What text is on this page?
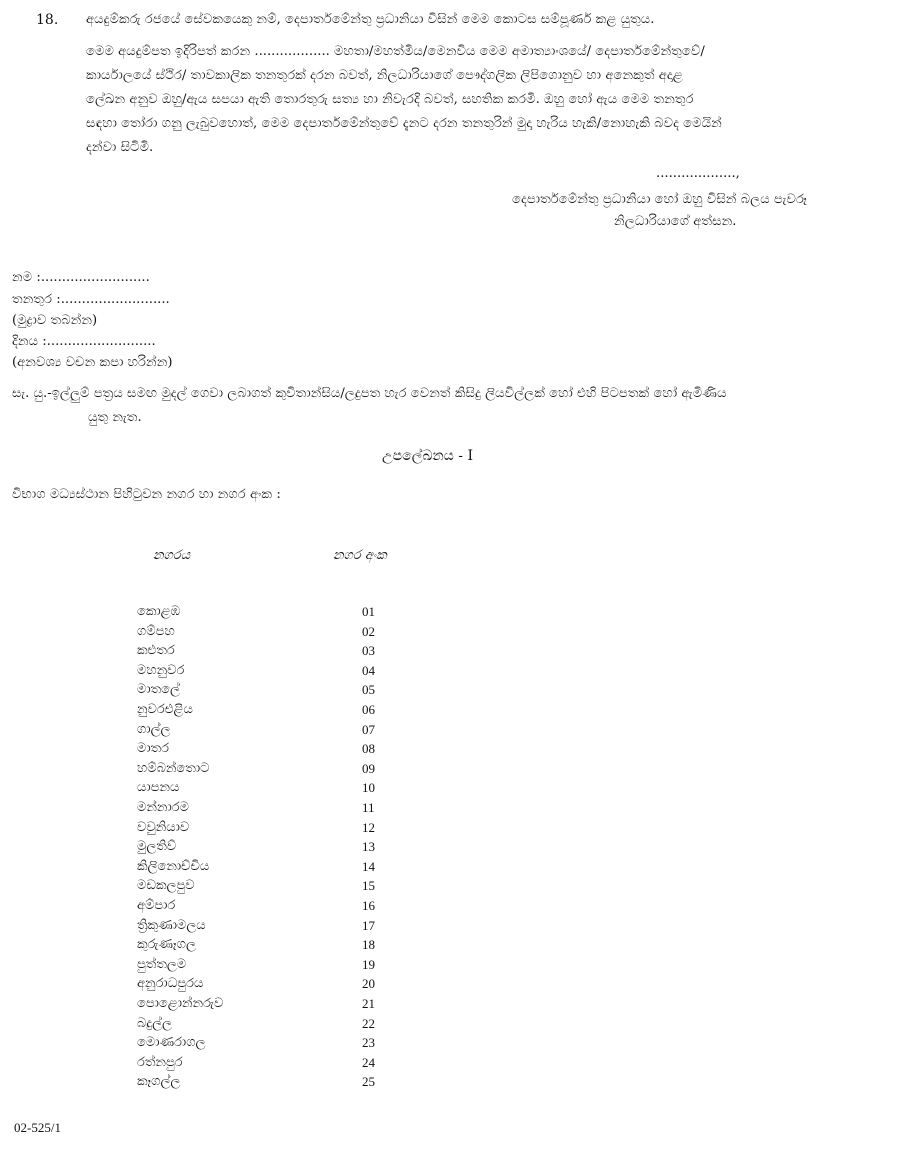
18. අයදුම්කරු රජයේ සේවකයෙකු නම්, දෙපාර්තමේන්තු ප්‍රධානියා විසින් මෙම කොටස සම්පූර්ණ කළ යුතුය.
මෙම අයදුම්පත ඉදිරිපත් කරන .................. මහතා/මහත්මිය/මෙනවිය මෙම අමාත්‍යාංශයේ/ දෙපාර්තමේන්තුවේ/
කාර්යාලයේ ස්ථිර/ තාවකාලික තනතුරක් දරන බවත්, නිලධාරියාගේ පෞද්ගලික ලිපිගොනුව හා අනෙකුත් අදාළ
ලේඛන අනුව ඔහු/ඇය සපයා ඇති තොරතුරු සත්‍ය හා නිවැරදි බවත්, සහතික කරමි. ඔහු හෝ ඇය මෙම තනතුර
සඳහා තෝරා ගනු ලැබුවහොත්, මෙම දෙපාර්තමේන්තුවේ දැනට දරන තනතුරින් මුදා හැරිය හැකි/නොහැකි බවද මෙයින්
දන්වා සිටිමි.
...................,
දෙපාර්තමේන්තු ප්‍රධානියා හෝ ඔහු විසින් බලය පැවරූ
නිලධාරියාගේ අත්සන.
නම :..........................
තනතුර :..........................
(මුද්‍රාව තබන්න)
දිනය :..........................
(අනවශ්‍ය වචන කපා හරින්න)
සැ. යු.-ඉල්ලුම් පත්‍රය සමඟ මුදල් ගෙවා ලබාගත් කුවිතාන්සිය/ලදුපත හැර වෙනත් කිසිදු ලියවිල්ලක් හෝ එහි පිටපතක් හෝ ඇමිණිය
යුතු නැත.
උපලේඛනය - I
විභාග මධ්‍යස්ථාන පිහිටුවන නගර හා නගර අංක :
නගරය	නගර අංක
කොළඹ	01
ගම්පහ	02
කළුතර	03
මහනුවර	04
මාතලේ	05
නුවරඑළිය	06
ගාල්ල	07
මාතර	08
හම්බන්තොට	09
යාපනය	10
මන්නාරම	11
වවුනියාව	12
මුලතිව්	13
කිලිනොච්චිය	14
මඩකලපුව	15
අම්පාර	16
ත්‍රිකුණාමලය	17
කුරුණෑගල	18
පුත්තලම	19
අනුරාධපුරය	20
පොළොන්නරුව	21
බදුල්ල	22
මොණරාගල	23
රත්නපුර	24
කෑගල්ල	25
02-525/1
